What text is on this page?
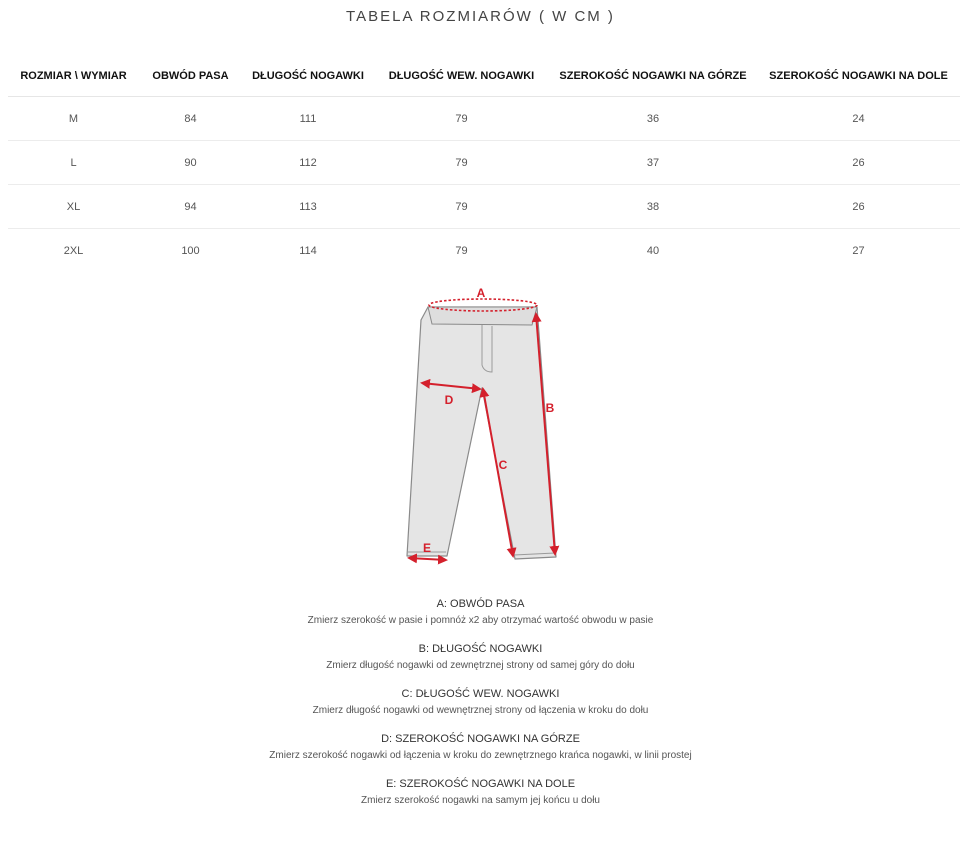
TABELA ROZMIARÓW ( W CM )
ROZMIAR \ WYMIAR	OBWÓD PASA	DŁUGOŚĆ NOGAWKI	DŁUGOŚĆ WEW. NOGAWKI	SZEROKOŚĆ NOGAWKI NA GÓRZE	SZEROKOŚĆ NOGAWKI NA DOLE
M	84	111	79	36	24
L	90	112	79	37	26
XL	94	113	79	38	26
2XL	100	114	79	40	27
A
B
C
D
E
A: OBWÓD PASA
Zmierz szerokość w pasie i pomnóż x2 aby otrzymać wartość obwodu w pasie
B: DŁUGOŚĆ NOGAWKI
Zmierz długość nogawki od zewnętrznej strony od samej góry do dołu
C: DŁUGOŚĆ WEW. NOGAWKI
Zmierz długość nogawki od wewnętrznej strony od łączenia w kroku do dołu
D: SZEROKOŚĆ NOGAWKI NA GÓRZE
Zmierz szerokość nogawki od łączenia w kroku do zewnętrznego krańca nogawki, w linii prostej
E: SZEROKOŚĆ NOGAWKI NA DOLE
Zmierz szerokość nogawki na samym jej końcu u dołu
